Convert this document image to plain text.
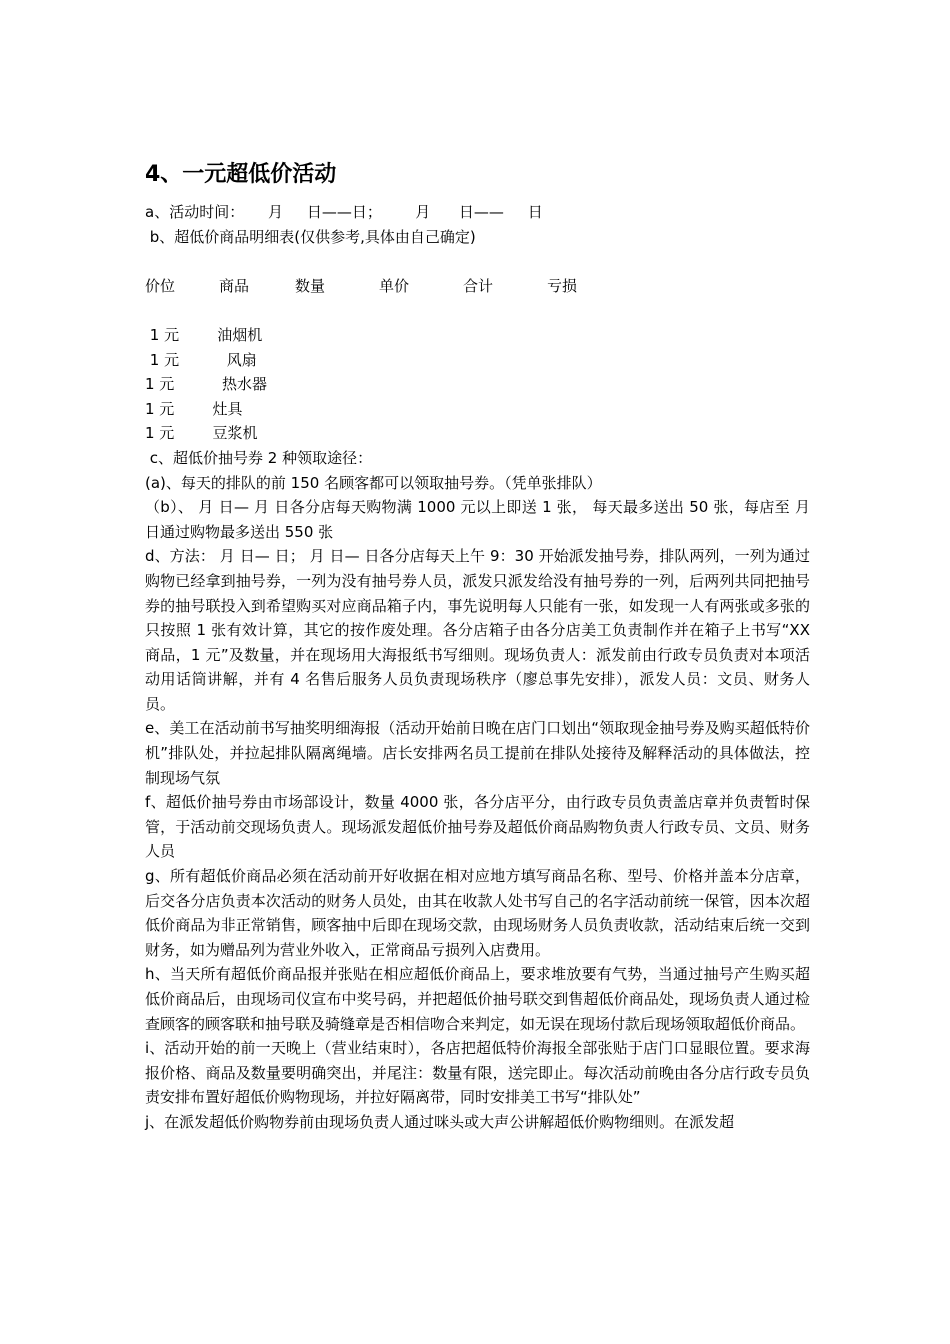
4、一元超低价活动

a、活动时间：     月     日——日；       月      日——     日

b、超低价商品明细表(仅供参考,具体由自己确定)

价位	商品	数量	单价	合计	亏损

1 元        油烟机

1 元          风扇

1 元          热水器

1 元        灶具

1 元        豆浆机

c、超低价抽号券 2 种领取途径：

(a)、每天的排队的前 150 名顾客都可以领取抽号券。（凭单张排队）

（b）、 月 日— 月 日各分店每天购物满 1000 元以上即送 1 张， 每天最多送出 50 张，每店至 月 日通过购物最多送出 550 张

d、方法： 月 日— 日； 月 日— 日各分店每天上午 9：30 开始派发抽号券，排队两列，一列为通过购物已经拿到抽号券，一列为没有抽号券人员，派发只派发给没有抽号券的一列，后两列共同把抽号券的抽号联投入到希望购买对应商品箱子内，事先说明每人只能有一张，如发现一人有两张或多张的只按照 1 张有效计算，其它的按作废处理。各分店箱子由各分店美工负责制作并在箱子上书写“XX 商品，1 元”及数量，并在现场用大海报纸书写细则。现场负责人：派发前由行政专员负责对本项活动用话筒讲解，并有 4 名售后服务人员负责现场秩序（廖总事先安排），派发人员：文员、财务人员。

e、美工在活动前书写抽奖明细海报（活动开始前日晚在店门口划出“领取现金抽号券及购买超低特价机”排队处，并拉起排队隔离绳墙。店长安排两名员工提前在排队处接待及解释活动的具体做法，控制现场气氛

f、超低价抽号券由市场部设计，数量 4000 张，各分店平分，由行政专员负责盖店章并负责暂时保管，于活动前交现场负责人。现场派发超低价抽号券及超低价商品购物负责人行政专员、文员、财务人员

g、所有超低价商品必须在活动前开好收据在相对应地方填写商品名称、型号、价格并盖本分店章，后交各分店负责本次活动的财务人员处，由其在收款人处书写自己的名字活动前统一保管，因本次超低价商品为非正常销售，顾客抽中后即在现场交款，由现场财务人员负责收款，活动结束后统一交到财务，如为赠品列为营业外收入，正常商品亏损列入店费用。

h、当天所有超低价商品报并张贴在相应超低价商品上，要求堆放要有气势，当通过抽号产生购买超低价商品后，由现场司仪宣布中奖号码，并把超低价抽号联交到售超低价商品处，现场负责人通过检查顾客的顾客联和抽号联及骑缝章是否相信吻合来判定，如无误在现场付款后现场领取超低价商品。

i、活动开始的前一天晚上（营业结束时），各店把超低特价海报全部张贴于店门口显眼位置。要求海报价格、商品及数量要明确突出，并尾注：数量有限，送完即止。每次活动前晚由各分店行政专员负责安排布置好超低价购物现场，并拉好隔离带，同时安排美工书写“排队处”

j、在派发超低价购物券前由现场负责人通过咪头或大声公讲解超低价购物细则。在派发超
